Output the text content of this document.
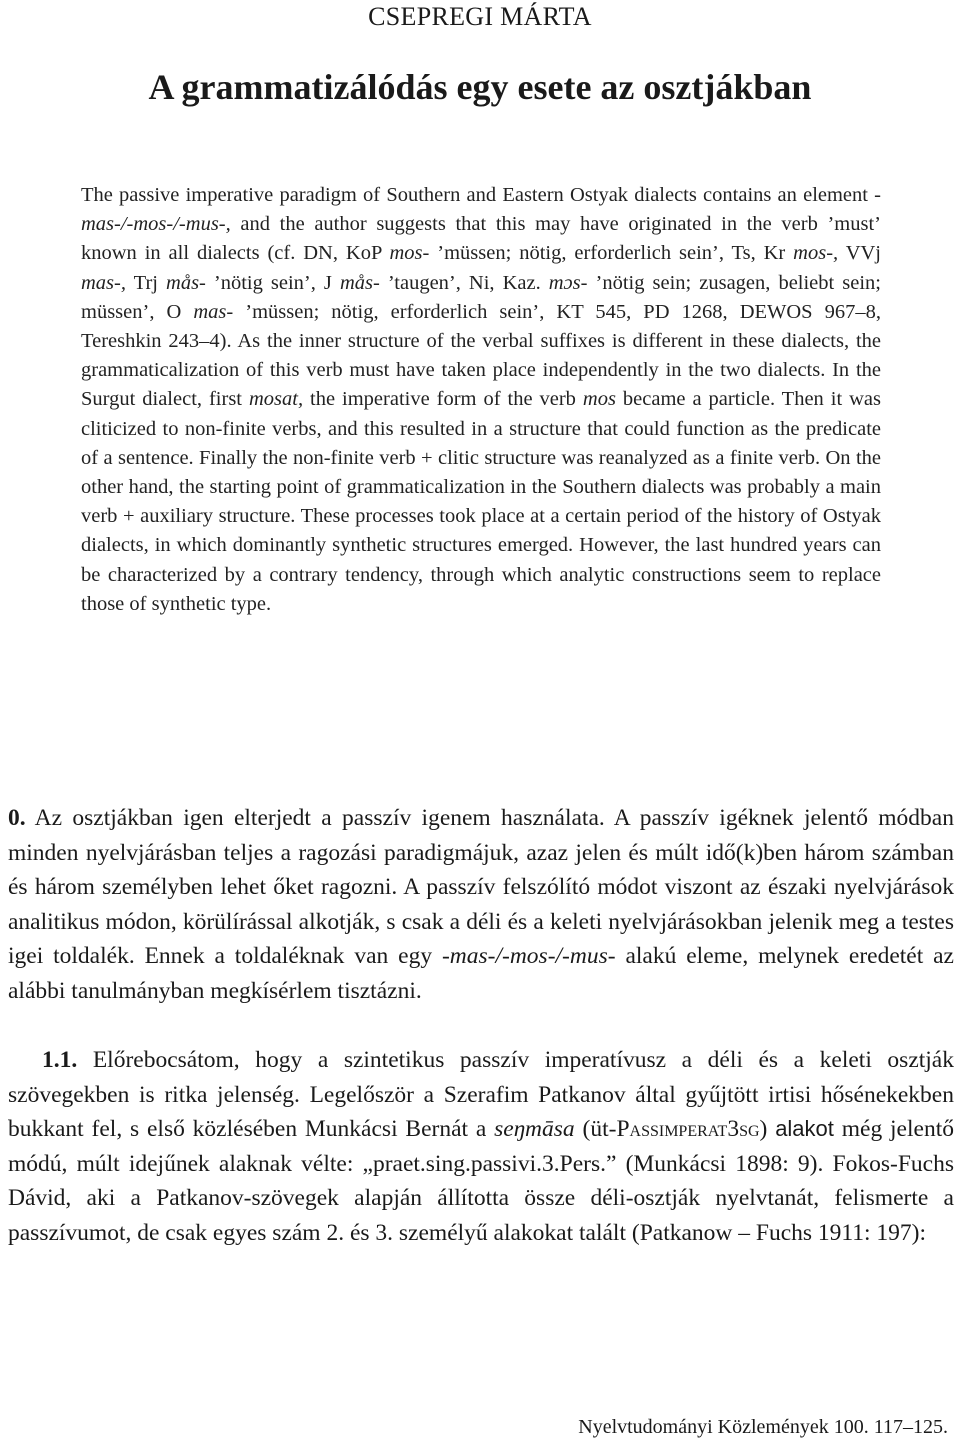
CSEPREGI MÁRTA
A grammatizálódás egy esete az osztjákban
The passive imperative paradigm of Southern and Eastern Ostyak dialects contains an element -mas-/-mos-/-mus-, and the author suggests that this may have originated in the verb ’must’ known in all dialects (cf. DN, KoP mos- ’müssen; nötig, erforderlich sein’, Ts, Kr mos-, VVj mas-, Trj mås- ’nötig sein’, J mås- ’taugen’, Ni, Kaz. mɔs- ’nötig sein; zusagen, beliebt sein; müssen’, O mas- ’müssen; nötig, erforderlich sein’, KT 545, PD 1268, DEWOS 967–8, Tereshkin 243–4). As the inner structure of the verbal suffixes is different in these dialects, the grammaticalization of this verb must have taken place independently in the two dialects. In the Surgut dialect, first mosat, the imperative form of the verb mos became a particle. Then it was cliticized to non-finite verbs, and this resulted in a structure that could function as the predicate of a sentence. Finally the non-finite verb + clitic structure was reanalyzed as a finite verb. On the other hand, the starting point of grammaticalization in the Southern dialects was probably a main verb + auxiliary structure. These processes took place at a certain period of the history of Ostyak dialects, in which dominantly synthetic structures emerged. However, the last hundred years can be characterized by a contrary tendency, through which analytic constructions seem to replace those of synthetic type.
0. Az osztjákban igen elterjedt a passzív igenem használata. A passzív igéknek jelentő módban minden nyelvjárásban teljes a ragozási paradigmájuk, azaz jelen és múlt idő(k)ben három számban és három személyben lehet őket ragozni. A passzív felszólító módot viszont az északi nyelvjárások analitikus módon, körülírással alkotják, s csak a déli és a keleti nyelvjárásokban jelenik meg a testes igei toldalék. Ennek a toldaléknak van egy -mas-/-mos-/-mus- alakú eleme, melynek eredetét az alábbi tanulmányban megkísérlem tisztázni.
1.1. Előrebocsátom, hogy a szintetikus passzív imperatívusz a déli és a keleti osztják szövegekben is ritka jelenség. Legelőször a Szerafim Patkanov által gyűjtött irtisi hősénekekben bukkant fel, s első közlésében Munkácsi Bernát a seŋmāsa (üt-Passimperat3sg) alakot még jelentő módú, múlt idejűnek alaknak vélte: „praet.sing.passivi.3.Pers.” (Munkácsi 1898: 9). Fokos-Fuchs Dávid, aki a Patkanov-szövegek alapján állította össze déli-osztják nyelvtanát, felismerte a passzívumot, de csak egyes szám 2. és 3. személyű alakokat talált (Patkanow – Fuchs 1911: 197):
Nyelvtudományi Közlemények 100. 117–125.
